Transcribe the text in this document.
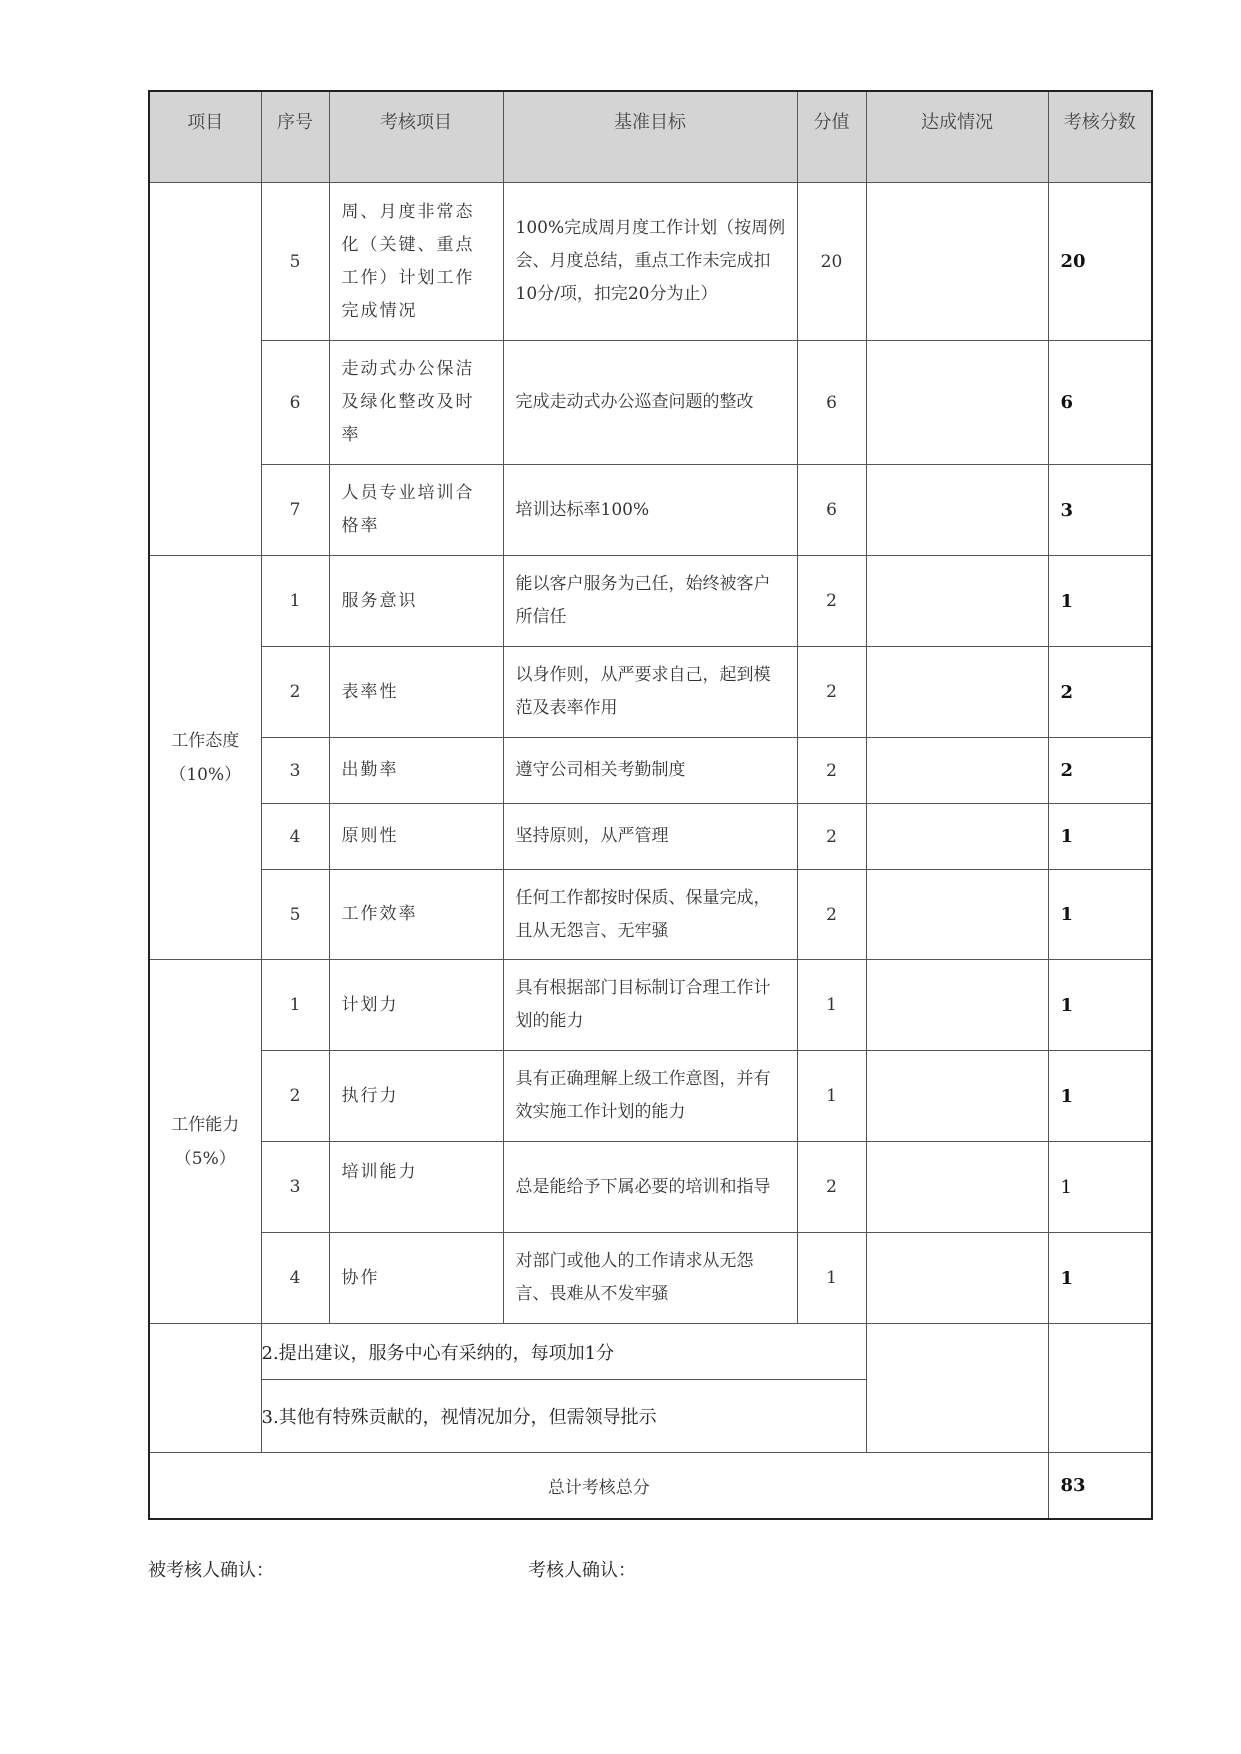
项目	序号	考核项目	基准目标	分值	达成情况	考核分数
	5	周、月度非常态化（关键、重点工作）计划工作完成情况	100%完成周月度工作计划（按周例会、月度总结，重点工作未完成扣10分/项，扣完20分为止）	20		20
	6	走动式办公保洁及绿化整改及时率	完成走动式办公巡查问题的整改	6		6
	7	人员专业培训合格率	培训达标率100%	6		3

工作态度
（10%）	1	服务意识	能以客户服务为己任，始终被客户所信任	2		1
	2	表率性	以身作则，从严要求自己，起到模范及表率作用	2		2
	3	出勤率	遵守公司相关考勤制度	2		2
	4	原则性	坚持原则，从严管理	2		1
	5	工作效率	任何工作都按时保质、保量完成，且从无怨言、无牢骚	2		1

工作能力
（5%）	1	计划力	具有根据部门目标制订合理工作计划的能力	1		1
	2	执行力	具有正确理解上级工作意图，并有效实施工作计划的能力	1		1
	3	培训能力	总是能给予下属必要的培训和指导	2		1
	4	协作	对部门或他人的工作请求从无怨言、畏难从不发牢骚	1		1
	2.提出建议，服务中心有采纳的，每项加1分					
	3.其他有特殊贡献的，视情况加分，但需领导批示					
总计考核总分						83
被考核人确认：	考核人确认：
